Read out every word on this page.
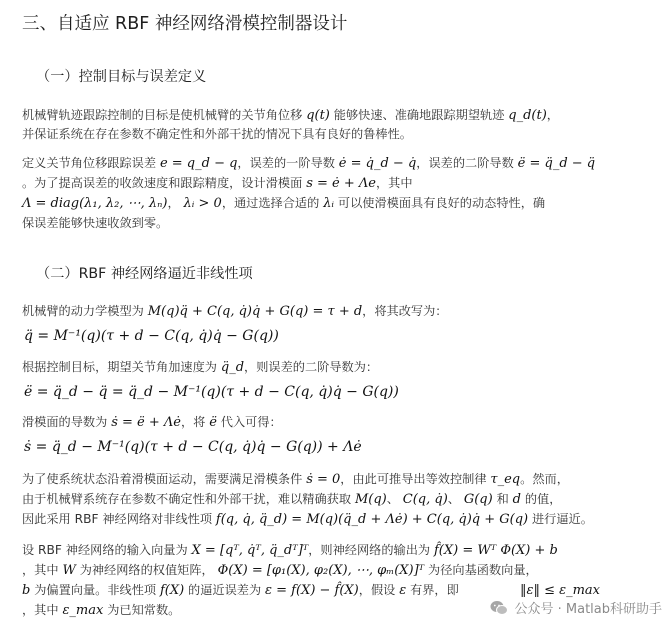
三、自适应 RBF 神经网络滑模控制器设计
（一）控制目标与误差定义
机械臂轨迹跟踪控制的目标是使机械臂的关节角位移 q(t) 能够快速、准确地跟踪期望轨迹 q_d(t)，
并保证系统在存在参数不确定性和外部干扰的情况下具有良好的鲁棒性。
定义关节角位移跟踪误差 e = q_d − q，误差的一阶导数 ė = q̇_d − q̇，误差的二阶导数 ë = q̈_d − q̈
。为了提高误差的收敛速度和跟踪精度，设计滑模面 s = ė + Λe，其中
Λ = diag(λ₁, λ₂, ⋯, λₙ)， λᵢ > 0，通过选择合适的 λᵢ 可以使滑模面具有良好的动态特性，确
保误差能够快速收敛到零。
（二）RBF 神经网络逼近非线性项
机械臂的动力学模型为 M(q)q̈ + C(q, q̇)q̇ + G(q) = τ + d，将其改写为：
q̈ = M⁻¹(q)(τ + d − C(q, q̇)q̇ − G(q))
根据控制目标，期望关节角加速度为 q̈_d，则误差的二阶导数为：
ë = q̈_d − q̈ = q̈_d − M⁻¹(q)(τ + d − C(q, q̇)q̇ − G(q))
滑模面的导数为 ṡ = ë + Λė，将 ë 代入可得：
ṡ = q̈_d − M⁻¹(q)(τ + d − C(q, q̇)q̇ − G(q)) + Λė
为了使系统状态沿着滑模面运动，需要满足滑模条件 ṡ = 0，由此可推导出等效控制律 τ_eq。然而，
由于机械臂系统存在参数不确定性和外部干扰，难以精确获取 M(q)、 C(q, q̇)、 G(q) 和 d 的值，
因此采用 RBF 神经网络对非线性项 f(q, q̇, q̈_d) = M(q)(q̈_d + Λė) + C(q, q̇)q̇ + G(q) 进行逼近。
设 RBF 神经网络的输入向量为 X = [qᵀ, q̇ᵀ, q̈_dᵀ]ᵀ，则神经网络的输出为 f̂(X) = Wᵀ Φ(X) + b
，其中 W 为神经网络的权值矩阵， Φ(X) = [φ₁(X), φ₂(X), ⋯, φₘ(X)]ᵀ 为径向基函数向量，
b 为偏置向量。非线性项 f(X) 的逼近误差为 ε = f(X) − f̂(X)，假设 ε 有界，即
，其中 ε_max 为已知常数。
‖ε‖ ≤ ε_max
公众号 · Matlab科研助手
